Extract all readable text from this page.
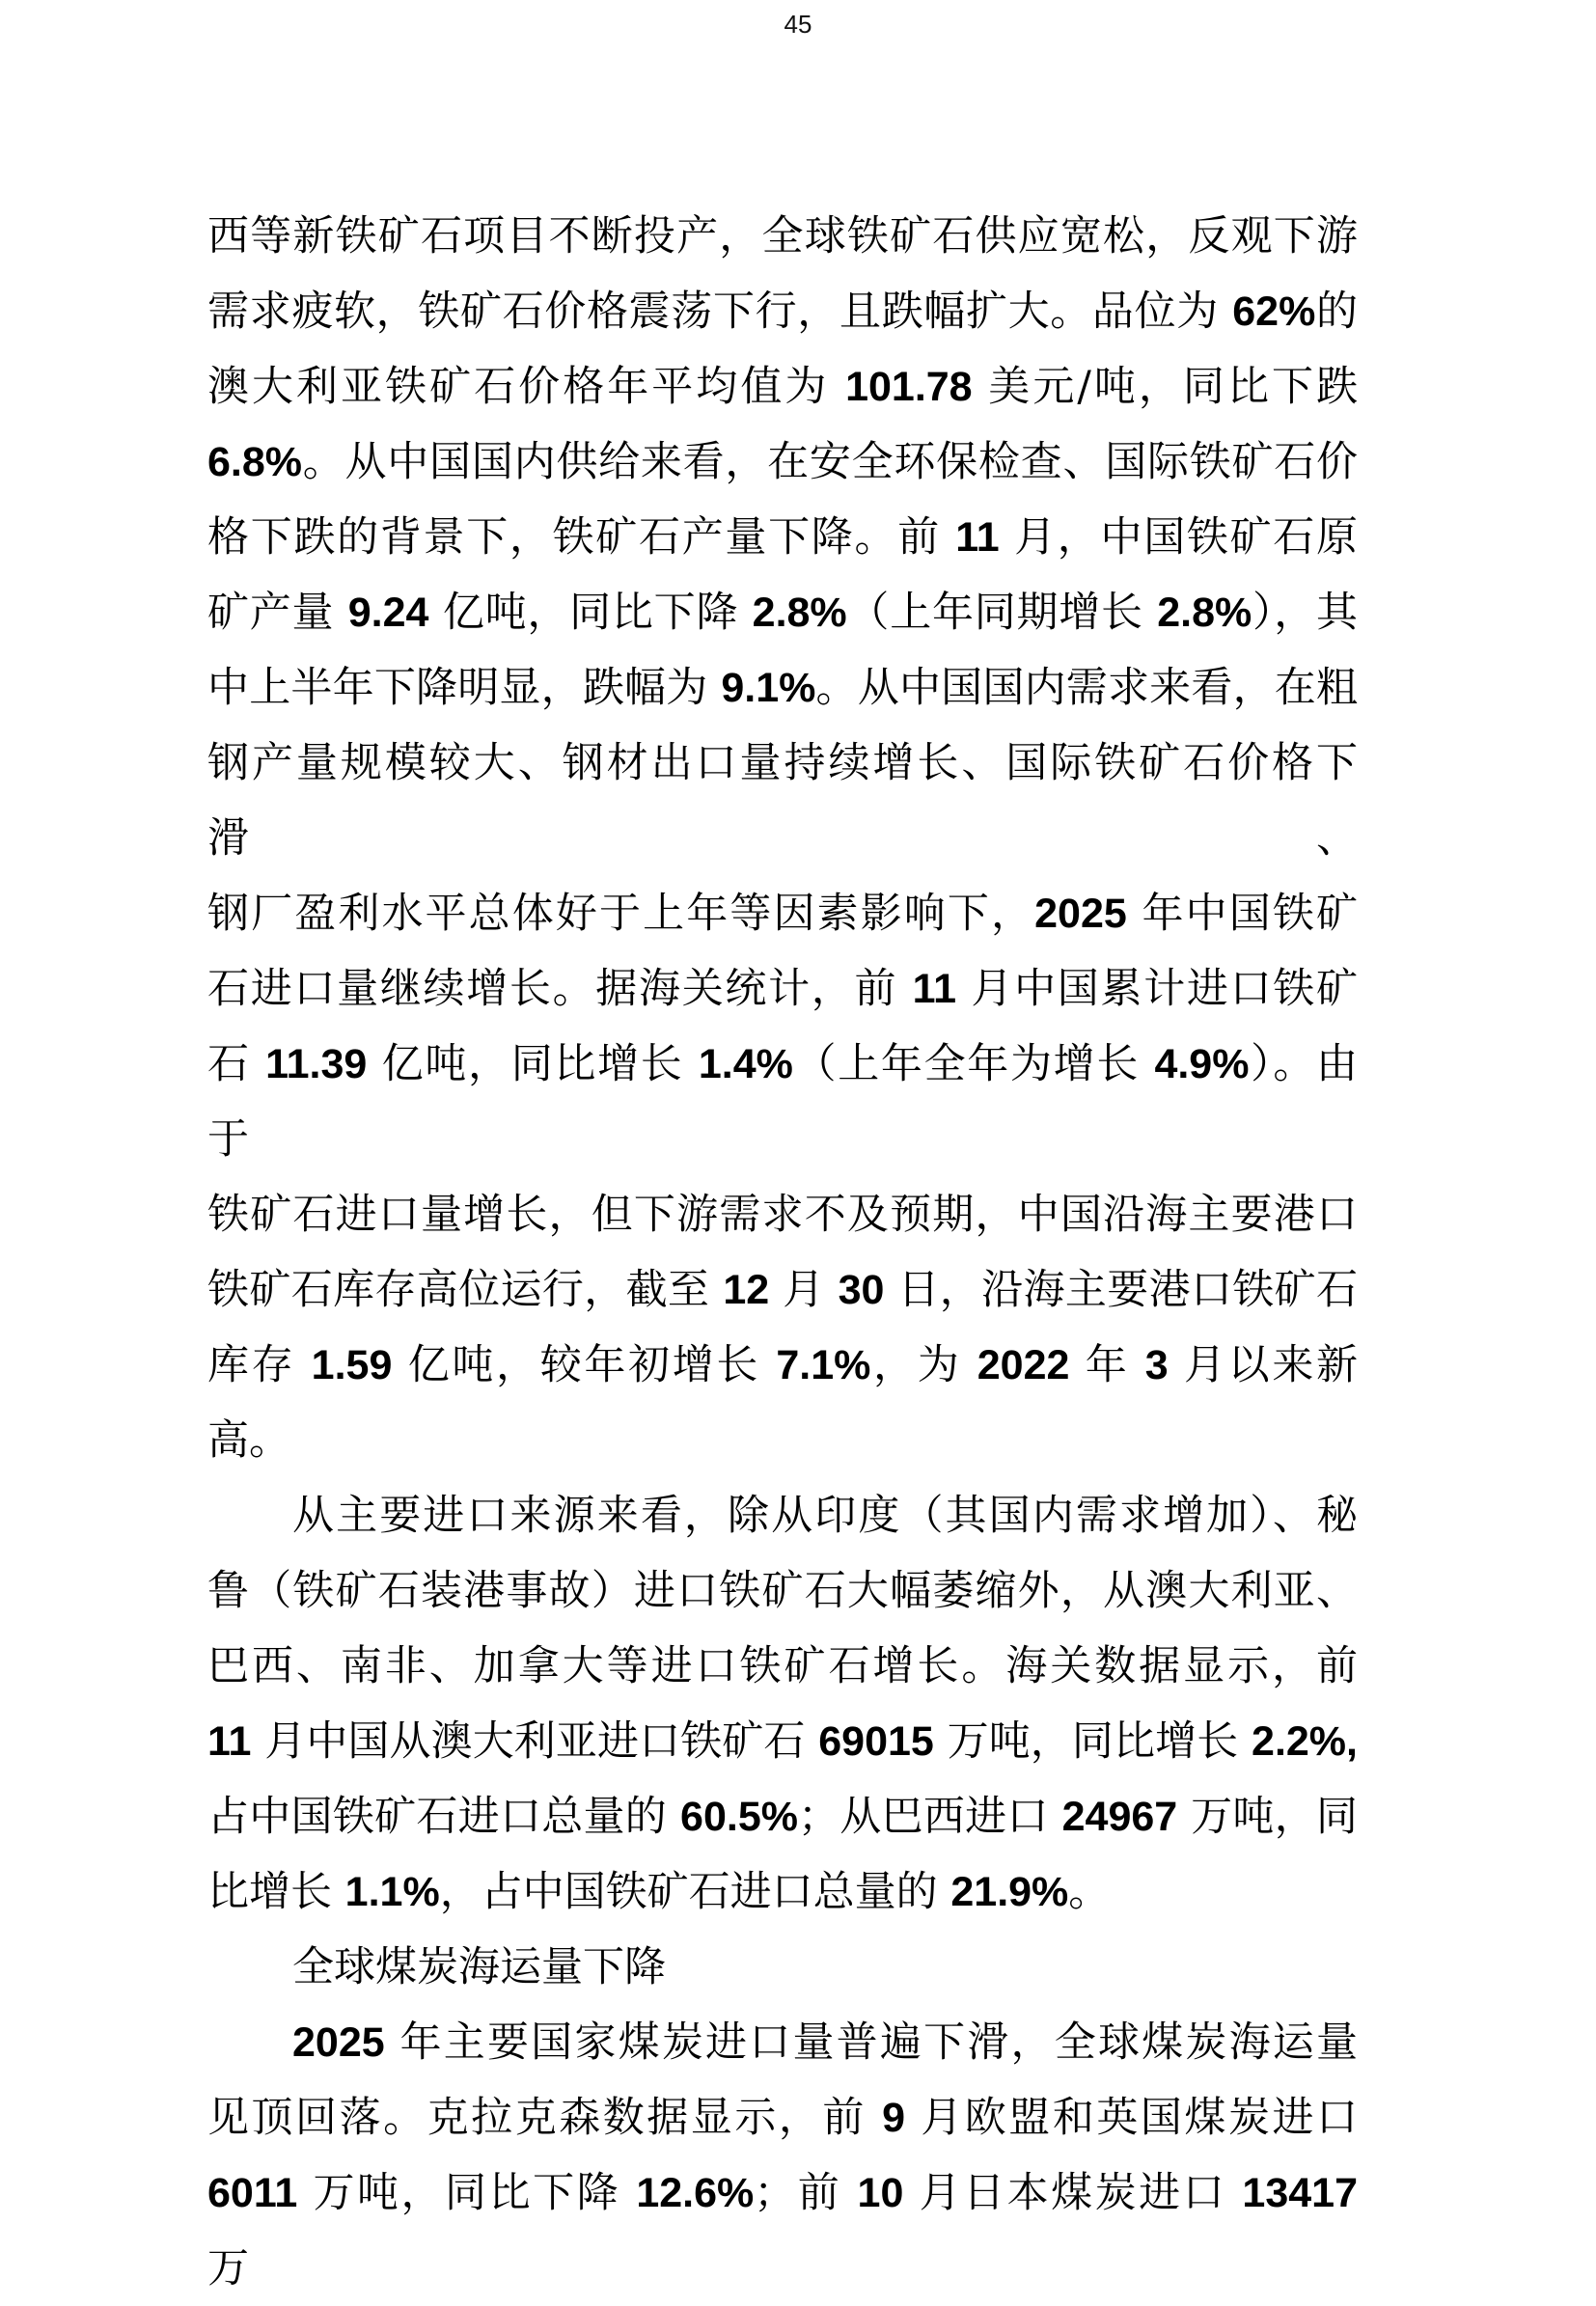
45
西等新铁矿石项目不断投产，全球铁矿石供应宽松，反观下游
需求疲软，铁矿石价格震荡下行，且跌幅扩大。品位为 62%的
澳大利亚铁矿石价格年平均值为 101.78 美元/吨，同比下跌
6.8%。从中国国内供给来看，在安全环保检查、国际铁矿石价
格下跌的背景下，铁矿石产量下降。前 11 月，中国铁矿石原
矿产量 9.24 亿吨，同比下降 2.8%（上年同期增长 2.8%），其
中上半年下降明显，跌幅为 9.1%。从中国国内需求来看，在粗
钢产量规模较大、钢材出口量持续增长、国际铁矿石价格下滑、
钢厂盈利水平总体好于上年等因素影响下，2025 年中国铁矿
石进口量继续增长。据海关统计，前 11 月中国累计进口铁矿
石 11.39 亿吨，同比增长 1.4%（上年全年为增长 4.9%）。由于
铁矿石进口量增长，但下游需求不及预期，中国沿海主要港口
铁矿石库存高位运行，截至 12 月 30 日，沿海主要港口铁矿石
库存 1.59 亿吨，较年初增长 7.1%，为 2022 年 3 月以来新高。
从主要进口来源来看，除从印度（其国内需求增加）、秘
鲁（铁矿石装港事故）进口铁矿石大幅萎缩外，从澳大利亚、
巴西、南非、加拿大等进口铁矿石增长。海关数据显示，前
11 月中国从澳大利亚进口铁矿石 69015 万吨，同比增长 2.2%,
占中国铁矿石进口总量的 60.5%；从巴西进口 24967 万吨，同
比增长 1.1%，占中国铁矿石进口总量的 21.9%。
全球煤炭海运量下降
2025 年主要国家煤炭进口量普遍下滑，全球煤炭海运量
见顶回落。克拉克森数据显示，前 9 月欧盟和英国煤炭进口
6011 万吨，同比下降 12.6%；前 10 月日本煤炭进口 13417 万
